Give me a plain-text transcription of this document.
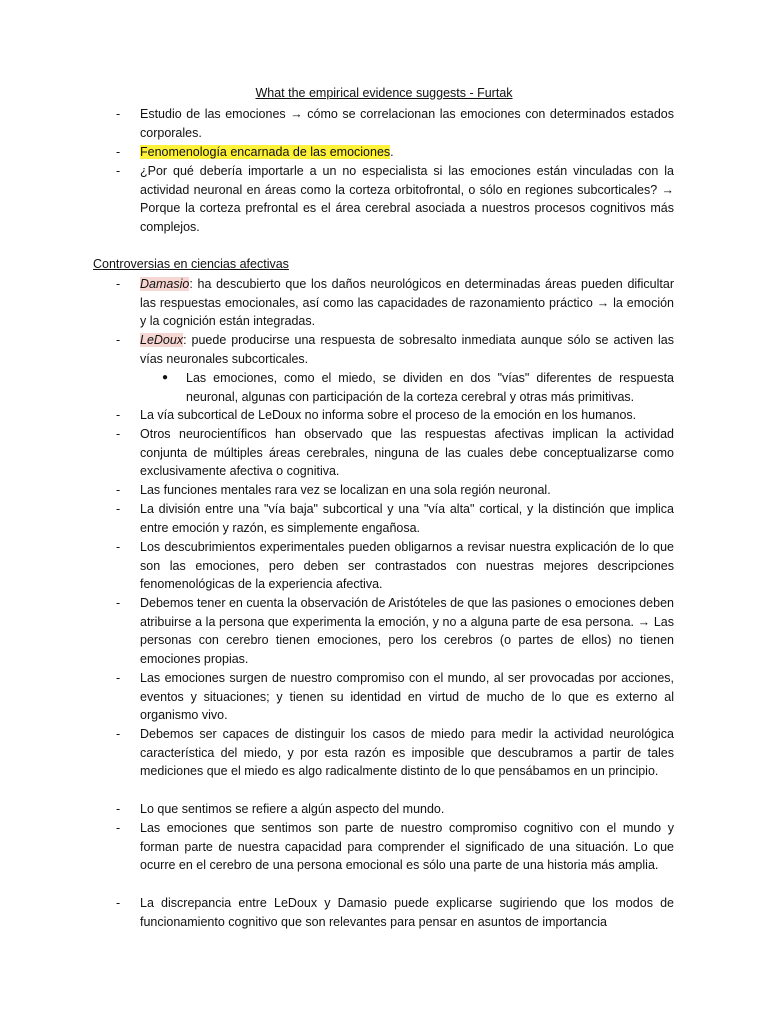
What the empirical evidence suggests - Furtak
- Estudio de las emociones → cómo se correlacionan las emociones con determinados estados corporales.
- Fenomenología encarnada de las emociones.
- ¿Por qué debería importarle a un no especialista si las emociones están vinculadas con la actividad neuronal en áreas como la corteza orbitofrontal, o sólo en regiones subcorticales? → Porque la corteza prefrontal es el área cerebral asociada a nuestros procesos cognitivos más complejos.
Controversias en ciencias afectivas
- Damasio: ha descubierto que los daños neurológicos en determinadas áreas pueden dificultar las respuestas emocionales, así como las capacidades de razonamiento práctico → la emoción y la cognición están integradas.
- LeDoux: puede producirse una respuesta de sobresalto inmediata aunque sólo se activen las vías neuronales subcorticales.
● Las emociones, como el miedo, se dividen en dos "vías" diferentes de respuesta neuronal, algunas con participación de la corteza cerebral y otras más primitivas.
- La vía subcortical de LeDoux no informa sobre el proceso de la emoción en los humanos.
- Otros neurocientíficos han observado que las respuestas afectivas implican la actividad conjunta de múltiples áreas cerebrales, ninguna de las cuales debe conceptualizarse como exclusivamente afectiva o cognitiva.
- Las funciones mentales rara vez se localizan en una sola región neuronal.
- La división entre una "vía baja" subcortical y una "vía alta" cortical, y la distinción que implica entre emoción y razón, es simplemente engañosa.
- Los descubrimientos experimentales pueden obligarnos a revisar nuestra explicación de lo que son las emociones, pero deben ser contrastados con nuestras mejores descripciones fenomenológicas de la experiencia afectiva.
- Debemos tener en cuenta la observación de Aristóteles de que las pasiones o emociones deben atribuirse a la persona que experimenta la emoción, y no a alguna parte de esa persona. → Las personas con cerebro tienen emociones, pero los cerebros (o partes de ellos) no tienen emociones propias.
- Las emociones surgen de nuestro compromiso con el mundo, al ser provocadas por acciones, eventos y situaciones; y tienen su identidad en virtud de mucho de lo que es externo al organismo vivo.
- Debemos ser capaces de distinguir los casos de miedo para medir la actividad neurológica característica del miedo, y por esta razón es imposible que descubramos a partir de tales mediciones que el miedo es algo radicalmente distinto de lo que pensábamos en un principio.
- Lo que sentimos se refiere a algún aspecto del mundo.
- Las emociones que sentimos son parte de nuestro compromiso cognitivo con el mundo y forman parte de nuestra capacidad para comprender el significado de una situación. Lo que ocurre en el cerebro de una persona emocional es sólo una parte de una historia más amplia.
- La discrepancia entre LeDoux y Damasio puede explicarse sugiriendo que los modos de funcionamiento cognitivo que son relevantes para pensar en asuntos de importancia
